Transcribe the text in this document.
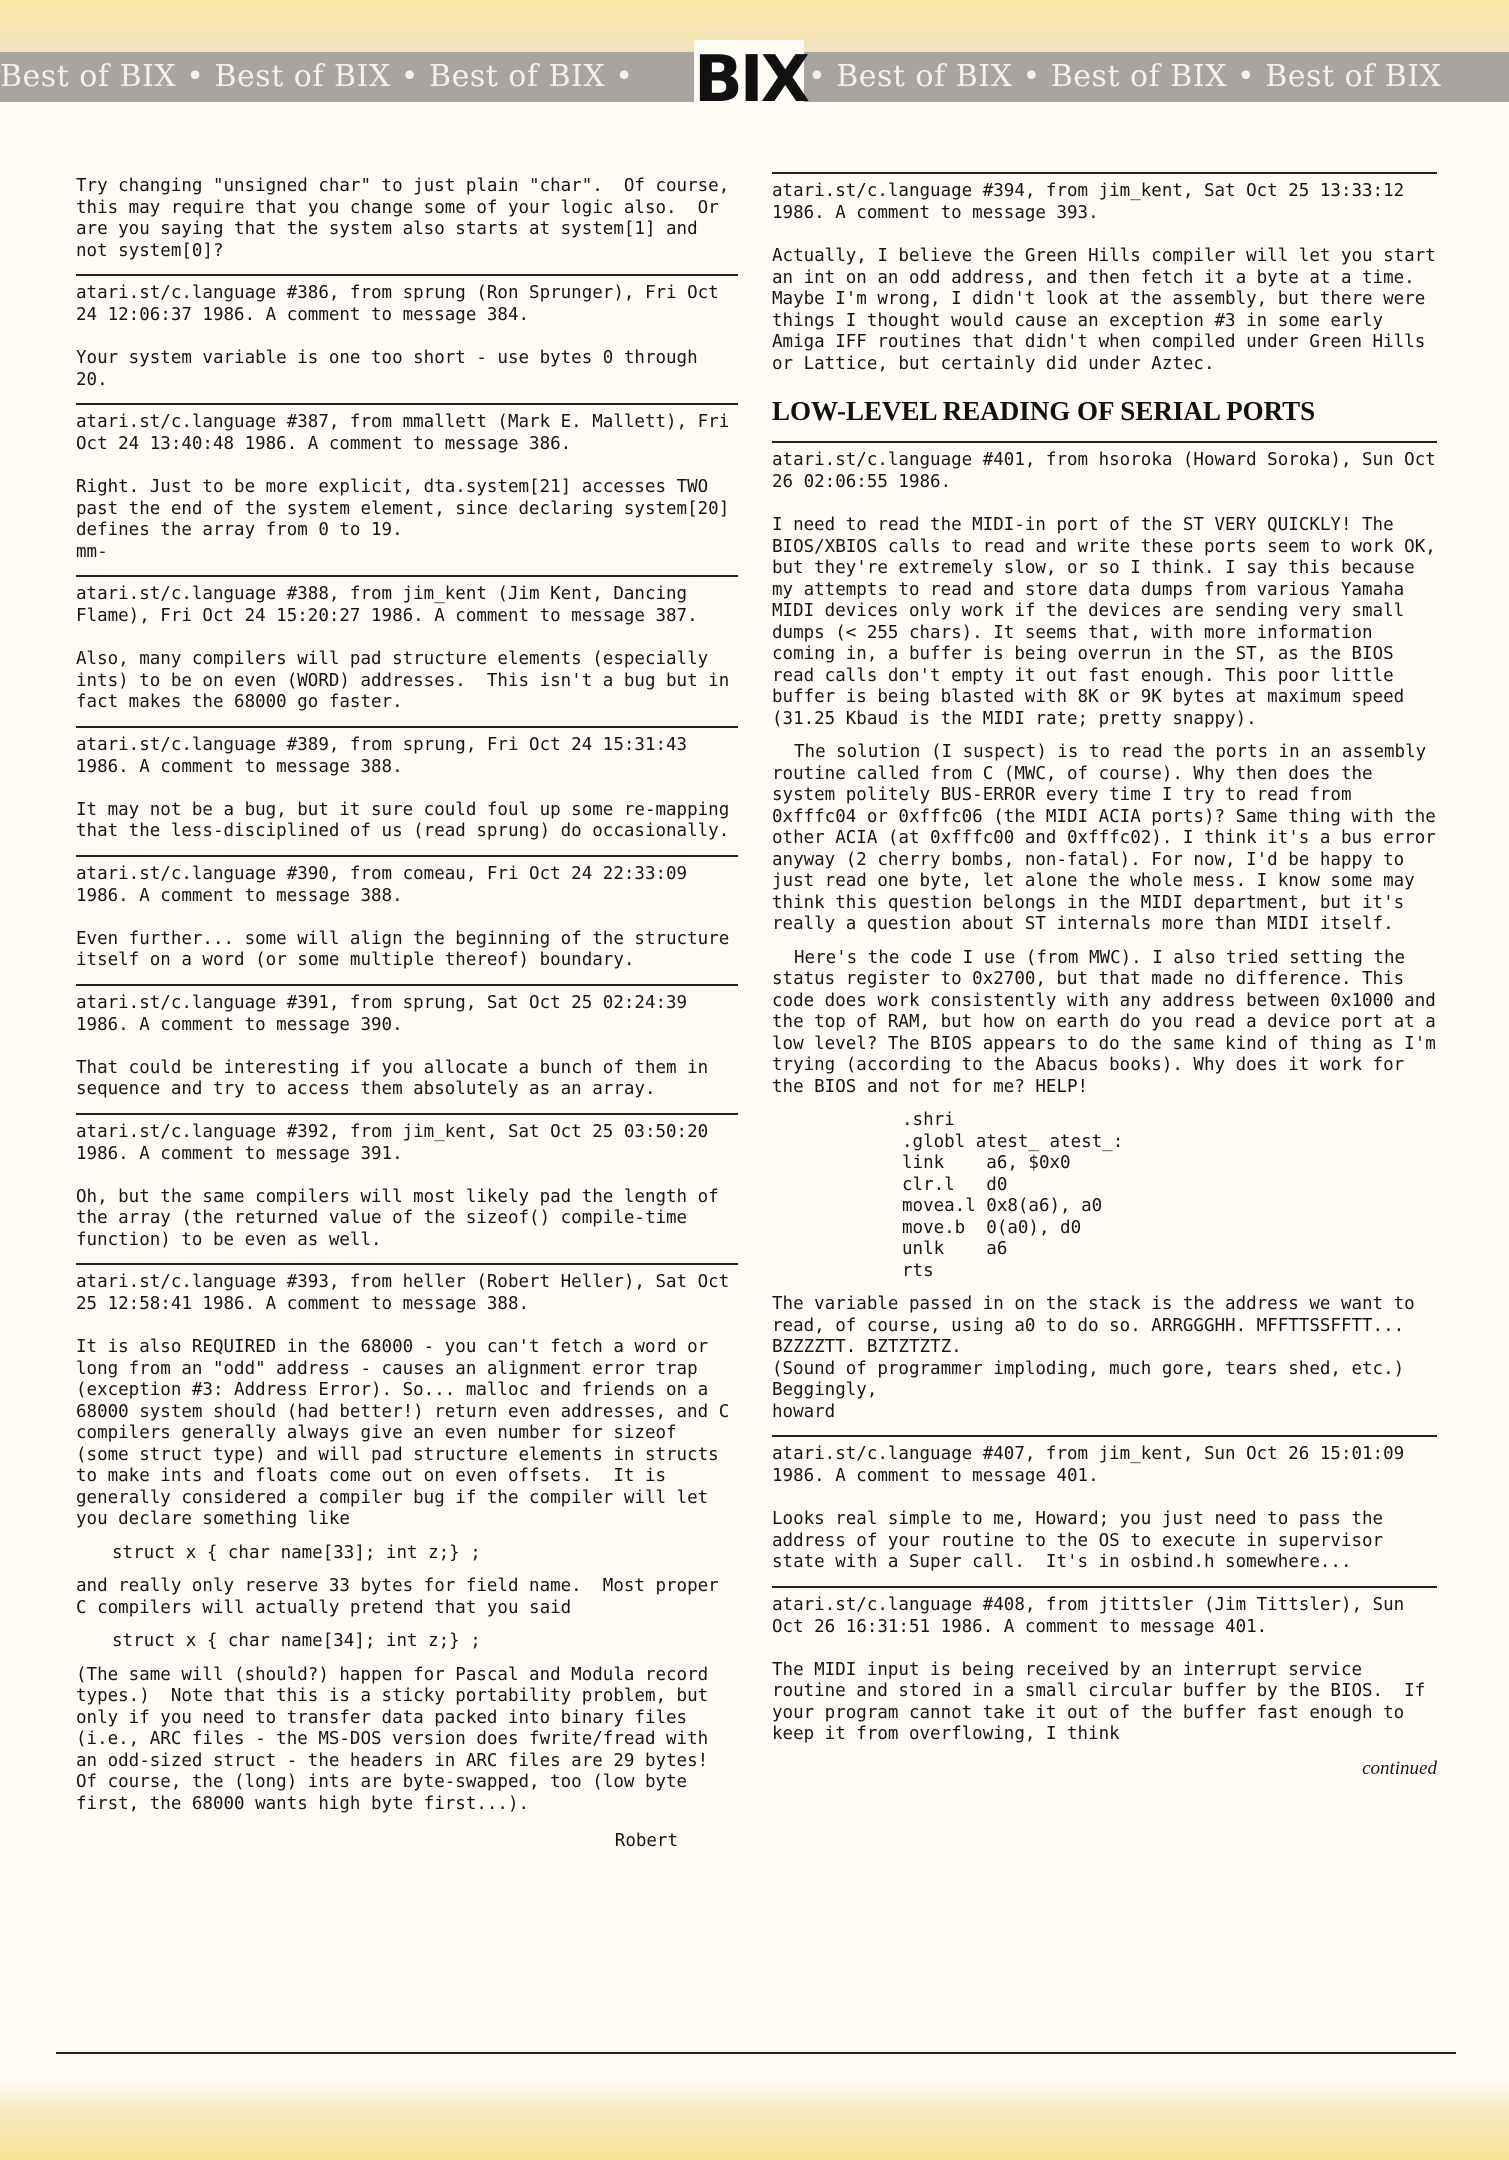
Best of BIX • Best of BIX • Best of BIX •	• Best of BIX • Best of BIX • Best of BIX
BIX
Try changing "unsigned char" to just plain "char".  Of course, this may require that you change some of your logic also.  Or are you saying that the system also starts at system[1] and not system[0]?
atari.st/c.language #386, from sprung (Ron Sprunger), Fri Oct 24 12:06:37 1986. A comment to message 384.
Your system variable is one too short - use bytes 0 through 20.
atari.st/c.language #387, from mmallett (Mark E. Mallett), Fri Oct 24 13:40:48 1986. A comment to message 386.
Right. Just to be more explicit, dta.system[21] accesses TWO past the end of the system element, since declaring system[20] defines the array from 0 to 19.
mm-
atari.st/c.language #388, from jim_kent (Jim Kent, Dancing Flame), Fri Oct 24 15:20:27 1986. A comment to message 387.
Also, many compilers will pad structure elements (especially ints) to be on even (WORD) addresses.  This isn't a bug but in fact makes the 68000 go faster.
atari.st/c.language #389, from sprung, Fri Oct 24 15:31:43 1986. A comment to message 388.
It may not be a bug, but it sure could foul up some re-mapping that the less-disciplined of us (read sprung) do occasionally.
atari.st/c.language #390, from comeau, Fri Oct 24 22:33:09 1986. A comment to message 388.
Even further... some will align the beginning of the structure itself on a word (or some multiple thereof) boundary.
atari.st/c.language #391, from sprung, Sat Oct 25 02:24:39 1986. A comment to message 390.
That could be interesting if you allocate a bunch of them in sequence and try to access them absolutely as an array.
atari.st/c.language #392, from jim_kent, Sat Oct 25 03:50:20 1986. A comment to message 391.
Oh, but the same compilers will most likely pad the length of the array (the returned value of the sizeof() compile-time function) to be even as well.
atari.st/c.language #393, from heller (Robert Heller), Sat Oct 25 12:58:41 1986. A comment to message 388.
It is also REQUIRED in the 68000 - you can't fetch a word or long from an "odd" address - causes an alignment error trap (exception #3: Address Error). So... malloc and friends on a 68000 system should (had better!) return even addresses, and C compilers generally always give an even number for sizeof (some struct type) and will pad structure elements in structs to make ints and floats come out on even offsets.  It is generally considered a compiler bug if the compiler will let you declare something like
struct x { char name[33]; int z;} ;
and really only reserve 33 bytes for field name.  Most proper C compilers will actually pretend that you said
struct x { char name[34]; int z;} ;
(The same will (should?) happen for Pascal and Modula record types.)  Note that this is a sticky portability problem, but only if you need to transfer data packed into binary files (i.e., ARC files - the MS-DOS version does fwrite/fread with an odd-sized struct - the headers in ARC files are 29 bytes!  Of course, the (long) ints are byte-swapped, too (low byte first, the 68000 wants high byte first...).
Robert
atari.st/c.language #394, from jim_kent, Sat Oct 25 13:33:12 1986. A comment to message 393.
Actually, I believe the Green Hills compiler will let you start an int on an odd address, and then fetch it a byte at a time.  Maybe I'm wrong, I didn't look at the assembly, but there were things I thought would cause an exception #3 in some early Amiga IFF routines that didn't when compiled under Green Hills or Lattice, but certainly did under Aztec.
LOW-LEVEL READING OF SERIAL PORTS
atari.st/c.language #401, from hsoroka (Howard Soroka), Sun Oct 26 02:06:55 1986.
I need to read the MIDI-in port of the ST VERY QUICKLY! The BIOS/XBIOS calls to read and write these ports seem to work OK, but they're extremely slow, or so I think. I say this because my attempts to read and store data dumps from various Yamaha MIDI devices only work if the devices are sending very small dumps (< 255 chars). It seems that, with more information coming in, a buffer is being overrun in the ST, as the BIOS read calls don't empty it out fast enough. This poor little buffer is being blasted with 8K or 9K bytes at maximum speed (31.25 Kbaud is the MIDI rate; pretty snappy).
The solution (I suspect) is to read the ports in an assembly routine called from C (MWC, of course). Why then does the system politely BUS-ERROR every time I try to read from 0xfffc04 or 0xfffc06 (the MIDI ACIA ports)? Same thing with the other ACIA (at 0xfffc00 and 0xfffc02). I think it's a bus error anyway (2 cherry bombs, non-fatal). For now, I'd be happy to just read one byte, let alone the whole mess. I know some may think this question belongs in the MIDI department, but it's really a question about ST internals more than MIDI itself.
Here's the code I use (from MWC). I also tried setting the status register to 0x2700, but that made no difference. This code does work consistently with any address between 0x1000 and the top of RAM, but how on earth do you read a device port at a low level? The BIOS appears to do the same kind of thing as I'm trying (according to the Abacus books). Why does it work for the BIOS and not for me? HELP!
.shri
.globl atest_ atest_:
link    a6, $0x0
clr.l   d0
movea.l 0x8(a6), a0
move.b  0(a0), d0
unlk    a6
rts
The variable passed in on the stack is the address we want to read, of course, using a0 to do so. ARRGGGHH. MFFTTSSFFTT... BZZZZTT. BZTZTZTZ.
(Sound of programmer imploding, much gore, tears shed, etc.)
Beggingly,
howard
atari.st/c.language #407, from jim_kent, Sun Oct 26 15:01:09 1986. A comment to message 401.
Looks real simple to me, Howard; you just need to pass the address of your routine to the OS to execute in supervisor state with a Super call.  It's in osbind.h somewhere...
atari.st/c.language #408, from jtittsler (Jim Tittsler), Sun Oct 26 16:31:51 1986. A comment to message 401.
The MIDI input is being received by an interrupt service routine and stored in a small circular buffer by the BIOS.  If your program cannot take it out of the buffer fast enough to keep it from overflowing, I think
continued
